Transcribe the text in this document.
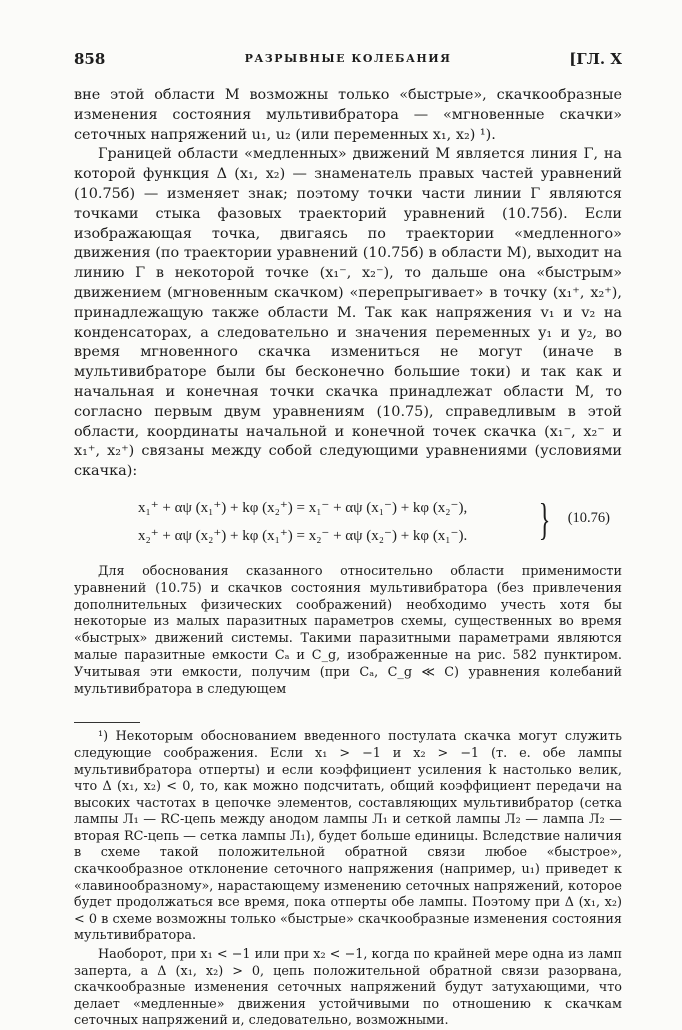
858	РАЗРЫВНЫЕ КОЛЕБАНИЯ	[ГЛ. X

вне этой области M возможны только «быстрые», скачкообразные изменения состояния мультивибратора — «мгновенные скачки» сеточных напряжений u₁, u₂ (или переменных x₁, x₂) ¹).

Границей области «медленных» движений M является линия Γ, на которой функция Δ (x₁, x₂) — знаменатель правых частей уравнений (10.75б) — изменяет знак; поэтому точки части линии Γ являются точками стыка фазовых траекторий уравнений (10.75б). Если изображающая точка, двигаясь по траектории «медленного» движения (по траектории уравнений (10.75б) в области M), выходит на линию Γ в некоторой точке (x₁⁻, x₂⁻), то дальше она «быстрым» движением (мгновенным скачком) «перепрыгивает» в точку (x₁⁺, x₂⁺), принадлежащую также области M. Так как напряжения v₁ и v₂ на конденсаторах, а следовательно и значения переменных y₁ и y₂, во время мгновенного скачка измениться не могут (иначе в мультивибраторе были бы бесконечно большие токи) и так как и начальная и конечная точки скачка принадлежат области M, то согласно первым двум уравнениям (10.75), справедливым в этой области, координаты начальной и конечной точек скачка (x₁⁻, x₂⁻ и x₁⁺, x₂⁺) связаны между собой следующими уравнениями (условиями скачка):

x₁⁺ + αψ (x₁⁺) + kφ (x₂⁺) = x₁⁻ + αψ (x₁⁻) + kφ (x₂⁻),
x₂⁺ + αψ (x₂⁺) + kφ (x₁⁺) = x₂⁻ + αψ (x₂⁻) + kφ (x₁⁻). } (10.76)

Для обоснования сказанного относительно области применимости уравнений (10.75) и скачков состояния мультивибратора (без привлечения дополнительных физических соображений) необходимо учесть хотя бы некоторые из малых паразитных параметров схемы, существенных во время «быстрых» движений системы. Такими паразитными параметрами являются малые паразитные емкости Cₐ и C_g, изображенные на рис. 582 пунктиром. Учитывая эти емкости, получим (при Cₐ, C_g ≪ C) уравнения колебаний мультивибратора в следующем

¹) Некоторым обоснованием введенного постулата скачка могут служить следующие соображения. Если x₁ > −1 и x₂ > −1 (т. е. обе лампы мультивибратора отперты) и если коэффициент усиления k настолько велик, что Δ (x₁, x₂) < 0, то, как можно подсчитать, общий коэффициент передачи на высоких частотах в цепочке элементов, составляющих мультивибратор (сетка лампы Л₁ — RC-цепь между анодом лампы Л₁ и сеткой лампы Л₂ — лампа Л₂ — вторая RC-цепь — сетка лампы Л₁), будет больше единицы. Вследствие наличия в схеме такой положительной обратной связи любое «быстрое», скачкообразное отклонение сеточного напряжения (например, u₁) приведет к «лавинообразному», нарастающему изменению сеточных напряжений, которое будет продолжаться все время, пока отперты обе лампы. Поэтому при Δ (x₁, x₂) < 0 в схеме возможны только «быстрые» скачкообразные изменения состояния мультивибратора.

Наоборот, при x₁ < −1 или при x₂ < −1, когда по крайней мере одна из ламп заперта, а Δ (x₁, x₂) > 0, цепь положительной обратной связи разорвана, скачкообразные изменения сеточных напряжений будут затухающими, что делает «медленные» движения устойчивыми по отношению к скачкам сеточных напряжений и, следовательно, возможными.
